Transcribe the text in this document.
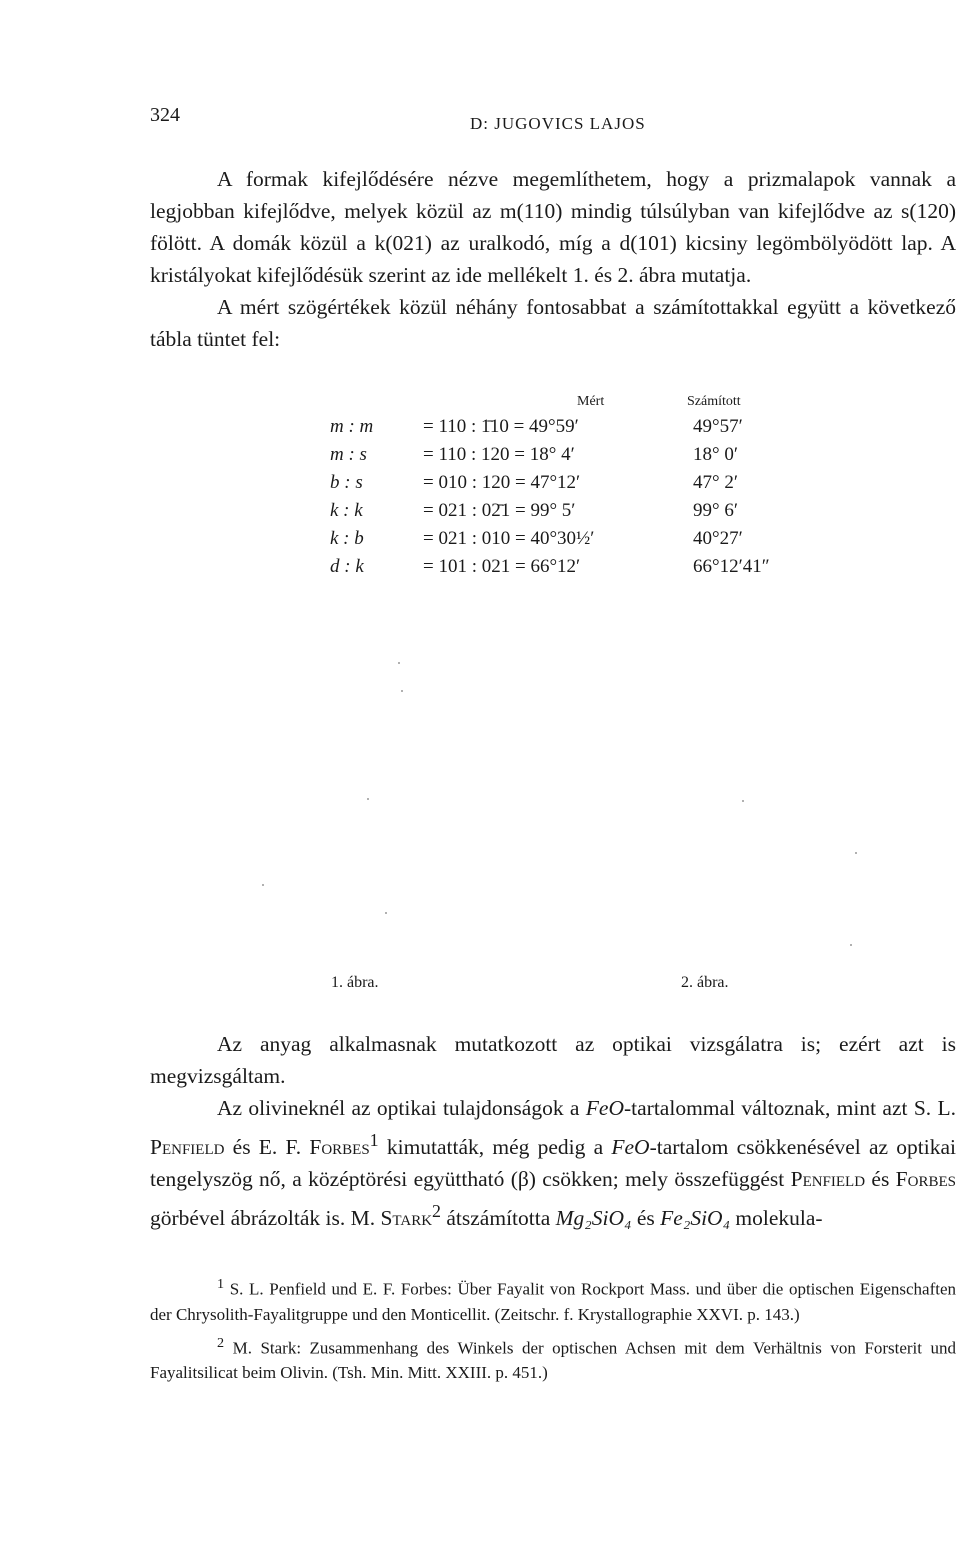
324	D: JUGOVICS LAJOS

A formak kifejlődésére nézve megemlíthetem, hogy a prizmalapok vannak a legjobban kifejlődve, melyek közül az m(110) mindig túlsúlyban van kifejlődve az s(120) fölött. A domák közül a k(021) az uralkodó, míg a d(101) kicsiny legömbölyödött lap. A kristályokat kifejlődésük szerint az ide mellékelt 1. és 2. ábra mutatja.

A mért szögértékek közül néhány fontosabbat a számítottakkal együtt a következő tábla tüntet fel:

Mért	Számított
m : m	= 110 : 1̄10 = 49°59′	49°57′
m : s	= 110 : 120 = 18° 4′	18° 0′
b : s	= 010 : 120 = 47°12′	47° 2′
k : k	= 021 : 02̄1 = 99° 5′	99° 6′
k : b	= 021 : 010 = 40°30½′	40°27′
d : k	= 101 : 021 = 66°12′	66°12′41″
1. ábra.	2. ábra.

Az anyag alkalmasnak mutatkozott az optikai vizsgálatra is; ezért azt is megvizsgáltam.

Az olivineknél az optikai tulajdonságok a FeO-tartalommal változnak, mint azt S. L. Penfield és E. F. Forbes$^1$ kimutatták, még pedig a FeO-tartalom csökkenésével az optikai tengelyszög nő, a középtörési együttható (β) csökken; mely összefüggést Penfield és Forbes görbével ábrázolták is. M. Stark$^2$ átszámította Mg₂SiO₄ és Fe₂SiO₄ molekula-

$^1$ S. L. Penfield und E. F. Forbes: Über Fayalit von Rockport Mass. und über die optischen Eigenschaften der Chrysolith-Fayalitgruppe und den Monticellit. (Zeitschr. f. Krystallographie XXVI. p. 143.)

$^2$ M. Stark: Zusammenhang des Winkels der optischen Achsen mit dem Verhältnis von Forsterit und Fayalitsilicat beim Olivin. (Tsh. Min. Mitt. XXIII. p. 451.)
